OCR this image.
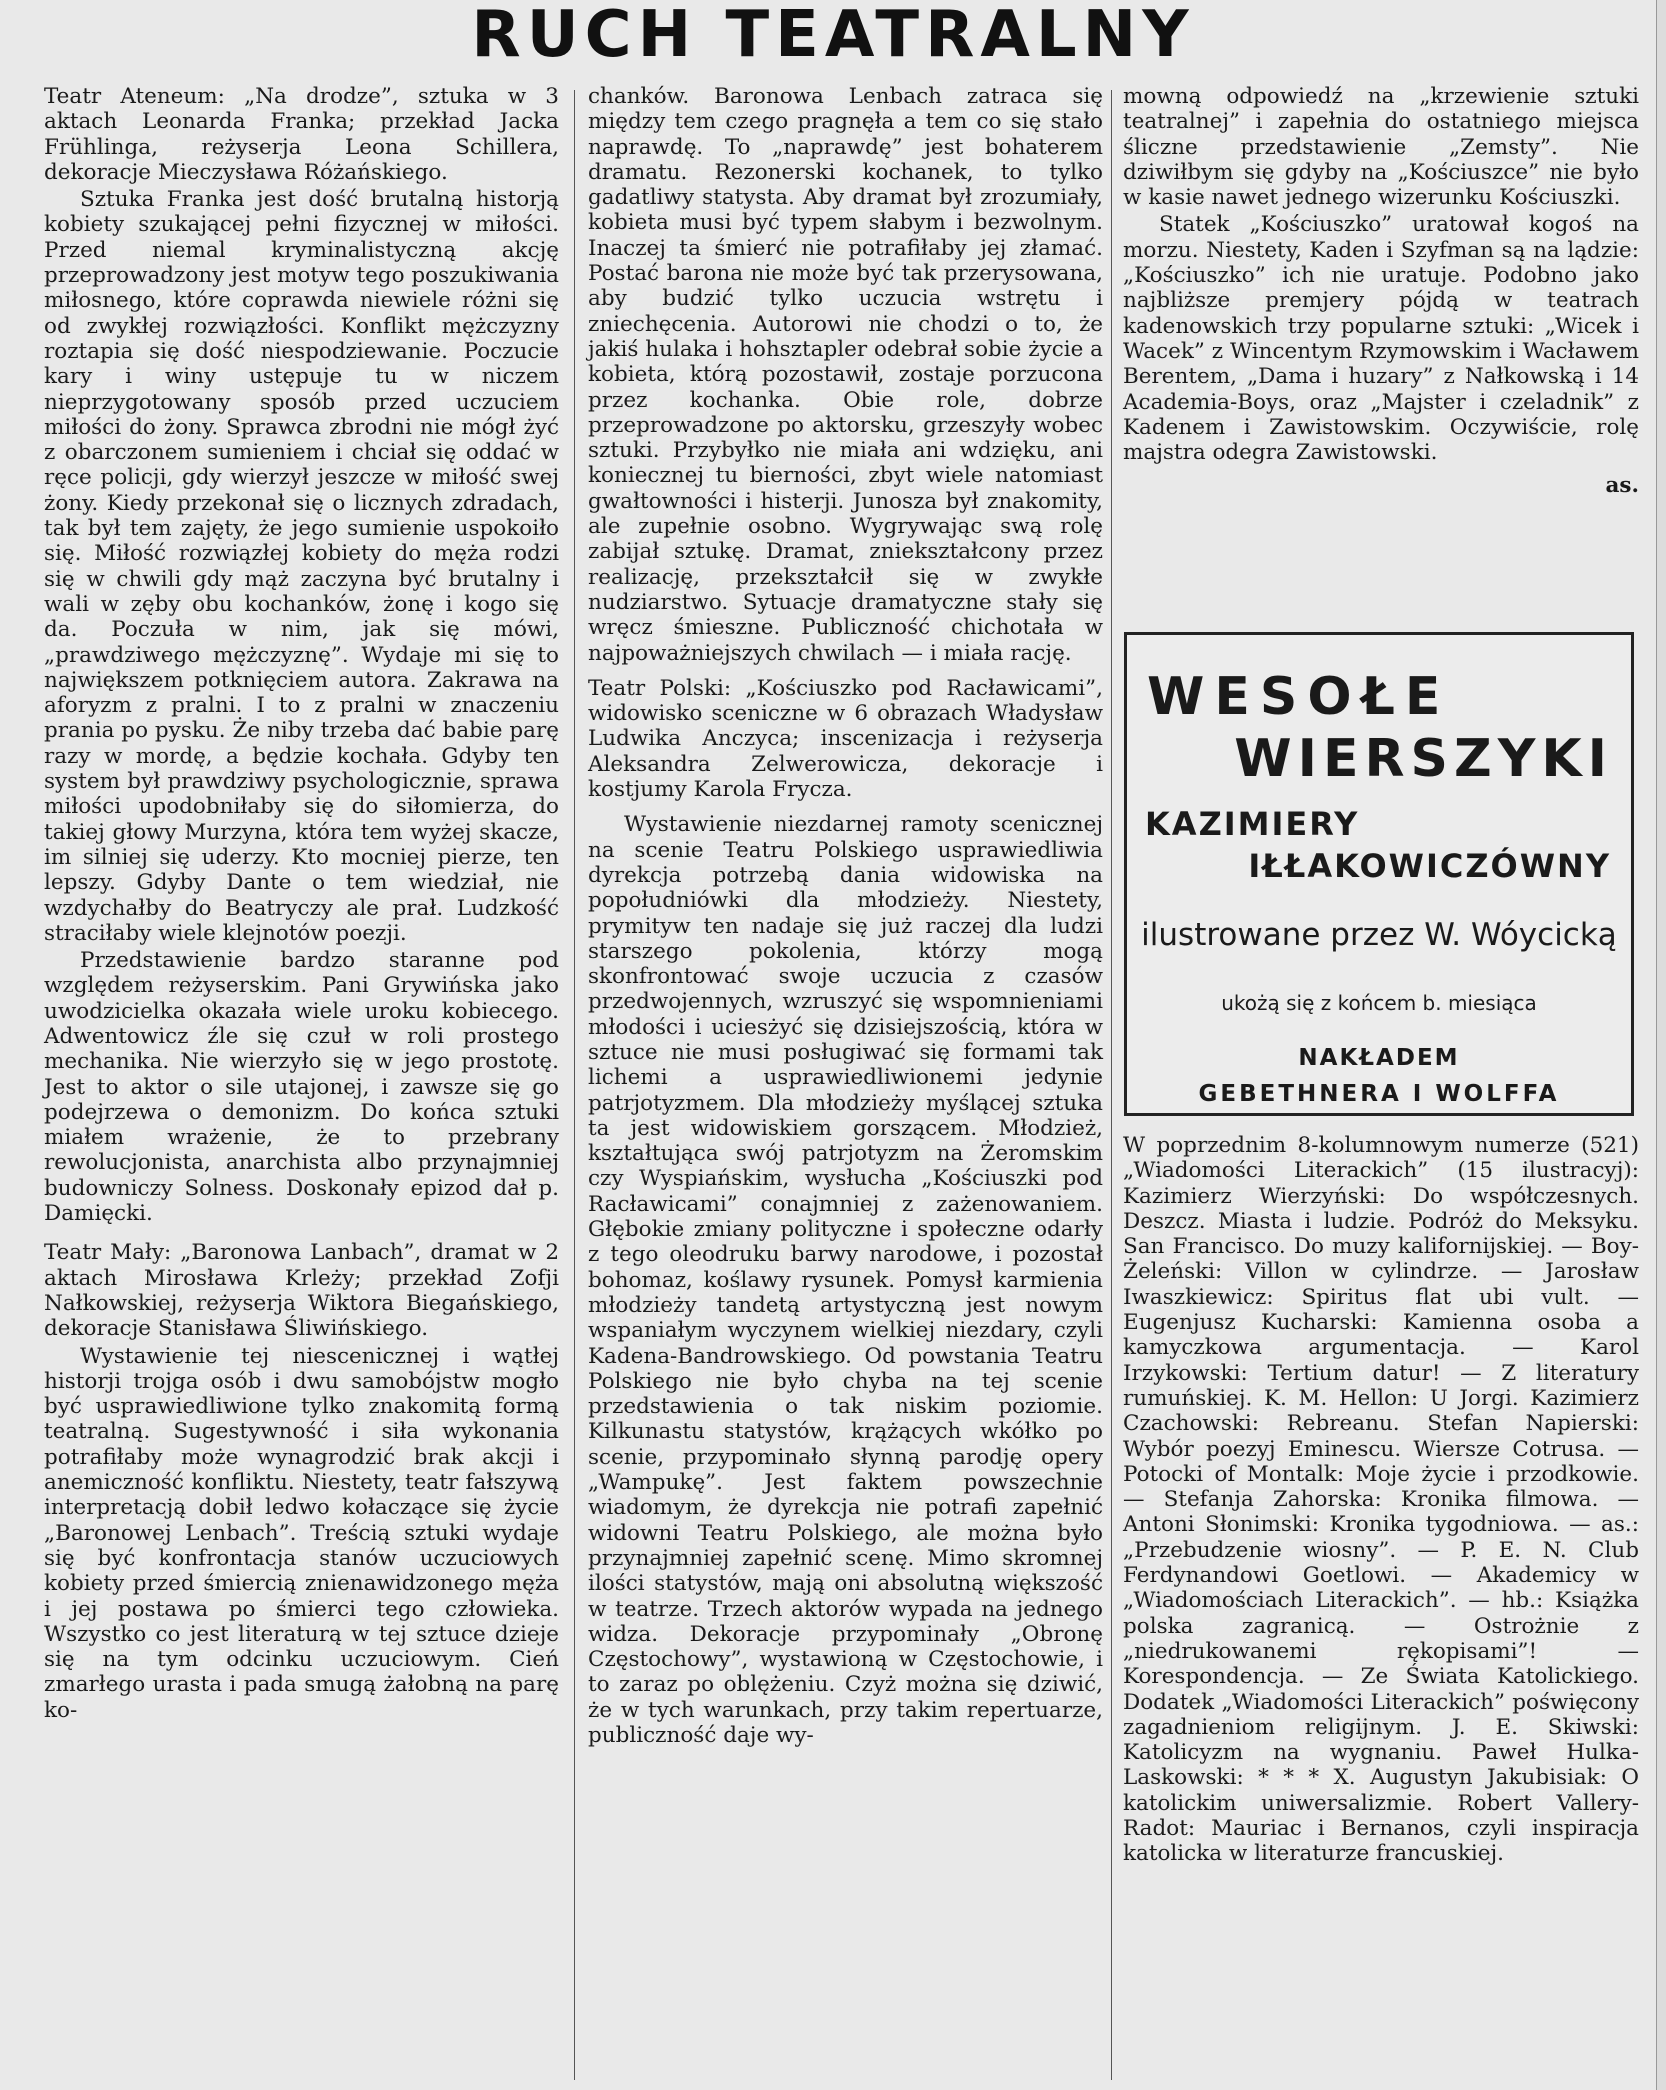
RUCH TEATRALNY

Teatr Ateneum: „Na drodze”, sztuka w 3 aktach Leonarda Franka; przekład Jacka Frühlinga, reżyserja Leona Schillera, dekoracje Mieczysława Różańskiego.

Sztuka Franka jest dość brutalną historją kobiety szukającej pełni fizycznej w miłości. Przed niemal kryminalistyczną akcję przeprowadzony jest motyw tego poszukiwania miłosnego, które coprawda niewiele różni się od zwykłej rozwiązłości. Konflikt mężczyzny roztapia się dość niespodziewanie. Poczucie kary i winy ustępuje tu w niczem nieprzygotowany sposób przed uczuciem miłości do żony. Sprawca zbrodni nie mógł żyć z obarczonem sumieniem i chciał się oddać w ręce policji, gdy wierzył jeszcze w miłość swej żony. Kiedy przekonał się o licznych zdradach, tak był tem zajęty, że jego sumienie uspokoiło się. Miłość rozwiązłej kobiety do męża rodzi się w chwili gdy mąż zaczyna być brutalny i wali w zęby obu kochanków, żonę i kogo się da. Poczuła w nim, jak się mówi, „prawdziwego mężczyznę”. Wydaje mi się to największem potknięciem autora. Zakrawa na aforyzm z pralni. I to z pralni w znaczeniu prania po pysku. Że niby trzeba dać babie parę razy w mordę, a będzie kochała. Gdyby ten system był prawdziwy psychologicznie, sprawa miłości upodobniłaby się do siłomierza, do takiej głowy Murzyna, która tem wyżej skacze, im silniej się uderzy. Kto mocniej pierze, ten lepszy. Gdyby Dante o tem wiedział, nie wzdychałby do Beatryczy ale prał. Ludzkość straciłaby wiele klejnotów poezji.

Przedstawienie bardzo staranne pod względem reżyserskim. Pani Grywińska jako uwodzicielka okazała wiele uroku kobiecego. Adwentowicz źle się czuł w roli prostego mechanika. Nie wierzyło się w jego prostotę. Jest to aktor o sile utajonej, i zawsze się go podejrzewa o demonizm. Do końca sztuki miałem wrażenie, że to przebrany rewolucjonista, anarchista albo przynajmniej budowniczy Solness. Doskonały epizod dał p. Damięcki.

Teatr Mały: „Baronowa Lanbach”, dramat w 2 aktach Mirosława Krleży; przekład Zofji Nałkowskiej, reżyserja Wiktora Biegańskiego, dekoracje Stanisława Śliwińskiego.

Wystawienie tej niescenicznej i wątłej historji trojga osób i dwu samobójstw mogło być usprawiedliwione tylko znakomitą formą teatralną. Sugestywność i siła wykonania potrafiłaby może wynagrodzić brak akcji i anemiczność konfliktu. Niestety, teatr fałszywą interpretacją dobił ledwo kołaczące się życie „Baronowej Lenbach”. Treścią sztuki wydaje się być konfrontacja stanów uczuciowych kobiety przed śmiercią znienawidzonego męża i jej postawa po śmierci tego człowieka. Wszystko co jest literaturą w tej sztuce dzieje się na tym odcinku uczuciowym. Cień zmarłego urasta i pada smugą żałobną na parę ko-

chanków. Baronowa Lenbach zatraca się między tem czego pragnęła a tem co się stało naprawdę. To „naprawdę” jest bohaterem dramatu. Rezonerski kochanek, to tylko gadatliwy statysta. Aby dramat był zrozumiały, kobieta musi być typem słabym i bezwolnym. Inaczej ta śmierć nie potrafiłaby jej złamać. Postać barona nie może być tak przerysowana, aby budzić tylko uczucia wstrętu i zniechęcenia. Autorowi nie chodzi o to, że jakiś hulaka i hohsztapler odebrał sobie życie a kobieta, którą pozostawił, zostaje porzucona przez kochanka. Obie role, dobrze przeprowadzone po aktorsku, grzeszyły wobec sztuki. Przybyłko nie miała ani wdzięku, ani koniecznej tu bierności, zbyt wiele natomiast gwałtowności i histerji. Junosza był znakomity, ale zupełnie osobno. Wygrywając swą rolę zabijał sztukę. Dramat, zniekształcony przez realizację, przekształcił się w zwykłe nudziarstwo. Sytuacje dramatyczne stały się wręcz śmieszne. Publiczność chichotała w najpoważniejszych chwilach — i miała rację.

Teatr Polski: „Kościuszko pod Racławicami”, widowisko sceniczne w 6 obrazach Władysław Ludwika Anczyca; inscenizacja i reżyserja Aleksandra Zelwerowicza, dekoracje i kostjumy Karola Frycza.

Wystawienie niezdarnej ramoty scenicznej na scenie Teatru Polskiego usprawiedliwia dyrekcja potrzebą dania widowiska na popołudniówki dla młodzieży. Niestety, prymityw ten nadaje się już raczej dla ludzi starszego pokolenia, którzy mogą skonfrontować swoje uczucia z czasów przedwojennych, wzruszyć się wspomnieniami młodości i uciesżyć się dzisiejszością, która w sztuce nie musi posługiwać się formami tak lichemi a usprawiedliwionemi jedynie patrjotyzmem. Dla młodzieży myślącej sztuka ta jest widowiskiem gorszącem. Młodzież, kształtująca swój patrjotyzm na Żeromskim czy Wyspiańskim, wysłucha „Kościuszki pod Racławicami” conajmniej z zażenowaniem. Głębokie zmiany polityczne i społeczne odarły z tego oleodruku barwy narodowe, i pozostał bohomaz, koślawy rysunek. Pomysł karmienia młodzieży tandetą artystyczną jest nowym wspaniałym wyczynem wielkiej niezdary, czyli Kadena-Bandrowskiego. Od powstania Teatru Polskiego nie było chyba na tej scenie przedstawienia o tak niskim poziomie. Kilkunastu statystów, krążących wkółko po scenie, przypominało słynną parodję opery „Wampukę”. Jest faktem powszechnie wiadomym, że dyrekcja nie potrafi zapełnić widowni Teatru Polskiego, ale można było przynajmniej zapełnić scenę. Mimo skromnej ilości statystów, mają oni absolutną większość w teatrze. Trzech aktorów wypada na jednego widza. Dekoracje przypominały „Obronę Częstochowy”, wystawioną w Częstochowie, i to zaraz po oblężeniu. Czyż można się dziwić, że w tych warunkach, przy takim repertuarze, publiczność daje wy-

mowną odpowiedź na „krzewienie sztuki teatralnej” i zapełnia do ostatniego miejsca śliczne przedstawienie „Zemsty”. Nie dziwiłbym się gdyby na „Kościuszce” nie było w kasie nawet jednego wizerunku Kościuszki.

Statek „Kościuszko” uratował kogoś na morzu. Niestety, Kaden i Szyfman są na lądzie: „Kościuszko” ich nie uratuje. Podobno jako najbliższe premjery pójdą w teatrach kadenowskich trzy popularne sztuki: „Wicek i Wacek” z Wincentym Rzymowskim i Wacławem Berentem, „Dama i huzary” z Nałkowską i 14 Academia-Boys, oraz „Majster i czeladnik” z Kadenem i Zawistowskim. Oczywiście, rolę majstra odegra Zawistowski.

as.

WESOŁE
WIERSZYKI
KAZIMIERY
IŁŁAKOWICZÓWNY
ilustrowane przez W. Wóycicką
ukożą się z końcem b. miesiąca
NAKŁADEM
GEBETHNERA I WOLFFA

W poprzednim 8-kolumnowym numerze (521) „Wiadomości Literackich” (15 ilustracyj): Kazimierz Wierzyński: Do współczesnych. Deszcz. Miasta i ludzie. Podróż do Meksyku. San Francisco. Do muzy kalifornijskiej. — Boy-Żeleński: Villon w cylindrze. — Jarosław Iwaszkiewicz: Spiritus flat ubi vult. — Eugenjusz Kucharski: Kamienna osoba a kamyczkowa argumentacja. — Karol Irzykowski: Tertium datur! — Z literatury rumuńskiej. K. M. Hellon: U Jorgi. Kazimierz Czachowski: Rebreanu. Stefan Napierski: Wybór poezyj Eminescu. Wiersze Cotrusa. — Potocki of Montalk: Moje życie i przodkowie. — Stefanja Zahorska: Kronika filmowa. — Antoni Słonimski: Kronika tygodniowa. — as.: „Przebudzenie wiosny”. — P. E. N. Club Ferdynandowi Goetlowi. — Akademicy w „Wiadomościach Literackich”. — hb.: Książka polska zagranicą. — Ostrożnie z „niedrukowanemi rękopisami”! — Korespondencja. — Ze Świata Katolickiego. Dodatek „Wiadomości Literackich” poświęcony zagadnieniom religijnym. J. E. Skiwski: Katolicyzm na wygnaniu. Paweł Hulka-Laskowski: * * * X. Augustyn Jakubisiak: O katolickim uniwersalizmie. Robert Vallery-Radot: Mauriac i Bernanos, czyli inspiracja katolicka w literaturze francuskiej.
